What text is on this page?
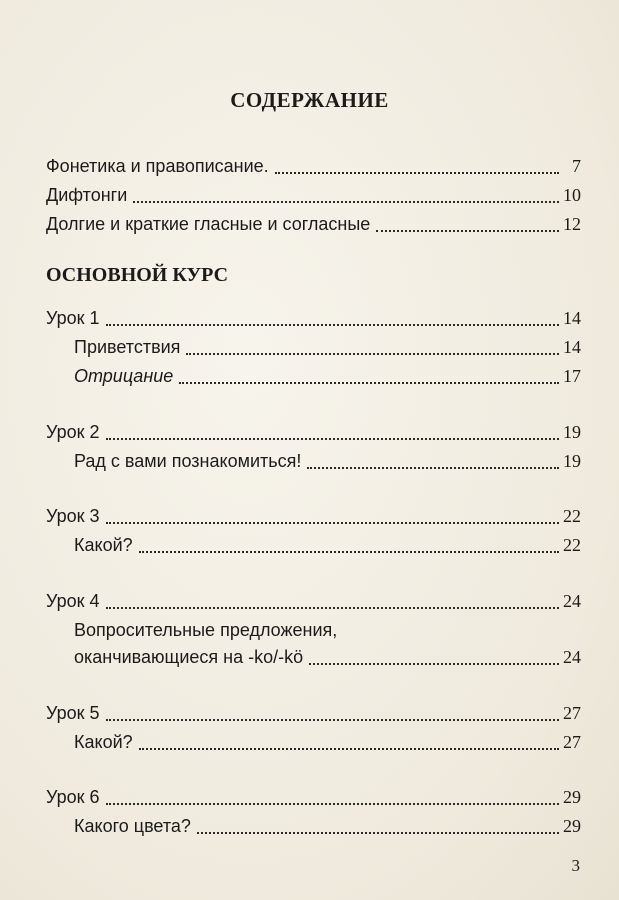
СОДЕРЖАНИЕ
Фонетика и правописание.	7
Дифтонги	10
Долгие и краткие гласные и согласные	12
ОСНОВНОЙ КУРС
Урок 1	14
Приветствия	14
Отрицание	17
Урок 2	19
Рад с вами познакомиться!	19
Урок 3	22
Какой?	22
Урок 4	24

Вопросительные предложения,

оканчивающиеся на -ko/-kö	24
Урок 5	27
Какой?	27
Урок 6	29
Какого цвета?	29

3
